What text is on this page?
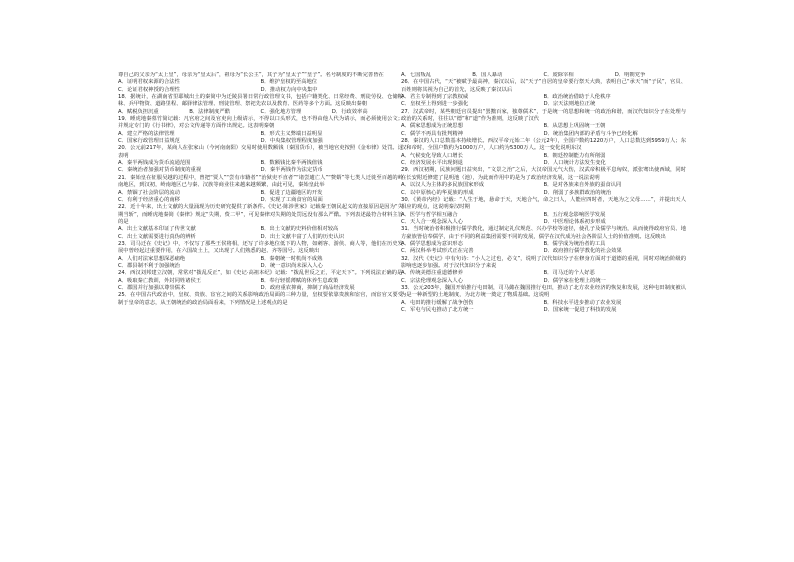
尊自己的父亲为“太上皇”，母亲为“皇太后”，祖母为“长公主”，其子为“皇太子”“皇子”。名号制度的不断完善皆在

A．证明君权来源的合法性	B．维护皇权的至高地位
C．论证君权神授的合理性	D．推动权力向中央集中

18．据统计，在湖南省里耶城出土的秦简中为迁陵县署日常行政管理文书，包括户籍类化、日常经费、刑徒劳役、仓储粮秣、兵甲物资、道路里程、邮驿律法管理、刑徒管理、祭祀先农以及教育、医药等多个方面。这反映出秦朝

A．赋税负担沉重	B．法律制度严酷	C．强化地方管理	D．行政效率高

19．睡虎地秦墓竹简记载：凡官府之间及官吏向上级请示，不得以口头形式，也不得由他人代为请示，而必须使用公文；并规定专门的《行书律》，对公文传递等方面作出规定。这表明秦朝

A．建立严格的法律管理	B．形式主义弊端日益明显
C．国家行政管理日益规范	D．中央集权管理程度加强

20．公元前217年，某商人在张家山（今河南南阳）交易时使用数额钱（秦国货币），被当地官吏按照《金布律》处罚。这表明

A．秦半两钱成为货币流通范围	B．数额钱比秦半两钱值钱
C．秦统治者加强对货币制度的重视	D．秦半两钱作为法定货币

21．秦始皇在征服吴越的过程中，曾把“贾人”“尝有市籍者”“治狱吏不直者”“诸尝逋亡人”“赘婿”等七类人迁徙至百越的岭南地区，到汉初，岭南地区已与秦、汉族等商业往来越来越频繁，由此可见，秦始皇此举

A．禁锢了社会阶层的流动	B．促进了边疆地区的开发
C．有利于经济重心的南移	D．实现了工商食官的局面

22．近十年来，出土文献的大量涌现为历史研究提供了新条件。《史记·陈涉世家》记载秦王朝民起义的直接原因是因为“失期当斩”，而睡虎地秦简《秦律》规定“失期，赀二甲”，可见秦律对失期的处罚远没有那么严酷。下列表述最符合材料主旨的是

A．出土文献基本印证了传世文献	B．出土文献的史料价值相对较高
C．出土文献需要进行真伪的辨析	D．出土文献丰富了人们的历史认识

23．司马迁在《史记》中，不仅写了那些王侯将相，还写了许多地位低下的人物，如刺客、游侠、商人等，他们在历史发展中曾经起过重要作用，在六国故土上，又出现了人们熟悉的赵、齐等国号。这反映出

A．人们对法家思想深恶痛绝	B．秦朝统一时机尚不成熟
C．郡县制不利于加强统治	D．统一意识尚未深入人心

24．西汉刘邦建立汉朝，常常对“拨乱反正”，如《史记·高祖本纪》记载：“拨乱世反之正，平定天下”。下列说法正确的是

A．吸取秦亡教训，外封同姓诸侯王	B．奉行轻徭薄赋的休养生息政策
C．郡国并行加强以尊崇儒术	D．政府重农抑商，抑制了商品经济发展

25．在中国古代政治中，皇权、贵族、宦官之间的关系影响政治局面的三种力量，皇权要依靠贵族和宦官，而宦官又要受制于皇帝的意志，从王朝统治的政治局面看来，下列情况是上述观点的是

A．七国叛乱	B．国人暴动	C．废除宰相	D．明朝党争

26．在中国古代，“天”被赋予最高神，秦汉以后，以“天子”自居的皇帝要行祭天大典，表明自己“承天”而“子民”，官员、百姓则将其视为自己的首先，这反映了秦汉以后

A．君主专制得到了宗教权威	B．政治统治借助于人伦秩序
C．皇权至上得到进一步强化	D．宗天法则地位正统

27．汉武帝时，某些朝廷官员提出“罢黜百家，独尊儒术”，于是统一的思想和统一的政治和谐，而汉代知识分子在处理与政治的关系时，往往以“德”和“道”作为准则，这反映了汉代

A．儒家思想成为正统思想	B．从思想上巩固统一王朝
C．儒学不再具有批判精神	D．统治集团内部的矛盾与斗争已经化解

28．秦汉的人口总数基本持续增长。西汉平帝元始二年（公元2年），全国户数约1220万户，人口总数达到5959万人；东汉和帝时，全国户数约为1000万户，人口约为5300万人。这一变化说明东汉

A．气候变化导致人口增长	B．朝廷控制能力有所削弱
C．经济发展水平出现倒退	D．人口统计方法发生变化

29．西汉初期，民族问题日益突出，“文景之治”之后，大汉帝国元气大伤，汉武帝积极平息匈奴，派张骞出使西域，同时在长安附近修建了昆明池（池），为此而作用中的是为了政治经济发展，这一说法说明

A．以汉人为主体的多民族国家形成	B．是对各族来自外族的蚕食认同
C．以中原核心的华夏族的形成	D．削弱了多族群政治的统治

30．《黄帝内经》记载：“人生于地，悬命于天，天地合气，命之曰人，人能应四时者，天地为之父母……”，并提出天人相应的观点，这说明秦汉时期

A．医学与哲学相互融合	B．五行观念影响医学发展
C．天人合一观念深入人心	D．中医理论体系初步形成

31．当时统治者积极推行儒学教化，通过制定礼仪规范、兴办学校等途径，使孔子及儒学与统治，从而使得政府官员、地方豪族皆信奉儒学，由于不同的利益集团需要不同的发展，儒学在汉代成为社会各阶层人士的价值准则。这反映出

A．儒学思想成为意识形态	B．儒学成为统治者的工具
C．两汉科举考试形式正在完善	D．政府推行儒学教化的社会效果

32．汉代《史记》中有句诗：“小人之过也，必文”，说明了汉代知识分子在修身方面对于道德的重视，同时对统治阶级的影响也逐步加强。对于汉代知识分子来说

A．传统美德注重道德修养	B．司马迁的个人好恶
C．宗法伦理观念深入人心	D．儒学家在伦理上的统一

33．公元203年，魏国开始推行屯田制，司马懿在魏国推行屯田，推动了北方农业经济的恢复和发展，这种屯田制度被认为是一种新型的土地制度，为北方统一奠定了物质基础。这说明

A．屯田的推行缓解了战争创伤	B．科技水平进步推动了农业发展
C．军屯与民屯推动了北方统一	D．国家统一促进了科技的发展
